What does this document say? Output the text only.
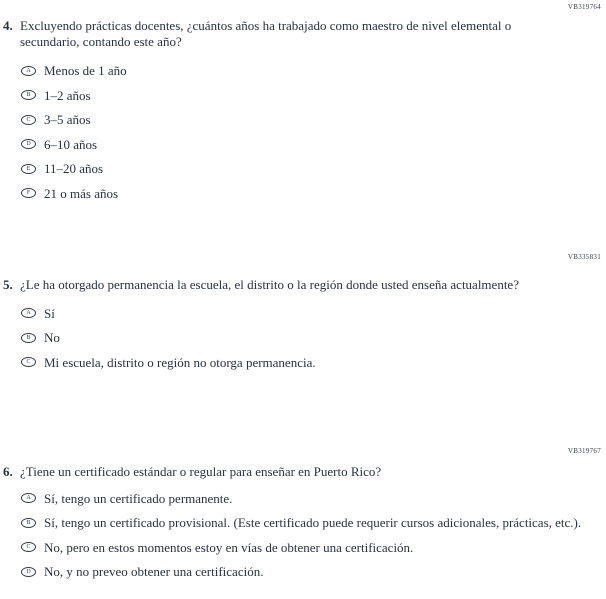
VB319764
4. Excluyendo prácticas docentes, ¿cuántos años ha trabajado como maestro de nivel elemental o secundario, contando este año?
A Menos de 1 año
B 1–2 años
C 3–5 años
D 6–10 años
E 11–20 años
F 21 o más años
VB335831
5. ¿Le ha otorgado permanencia la escuela, el distrito o la región donde usted enseña actualmente?
A Sí
B No
C Mi escuela, distrito o región no otorga permanencia.
VB319767
6. ¿Tiene un certificado estándar o regular para enseñar en Puerto Rico?
A Sí, tengo un certificado permanente.
B Sí, tengo un certificado provisional. (Este certificado puede requerir cursos adicionales, prácticas, etc.).
C No, pero en estos momentos estoy en vías de obtener una certificación.
D No, y no preveo obtener una certificación.
